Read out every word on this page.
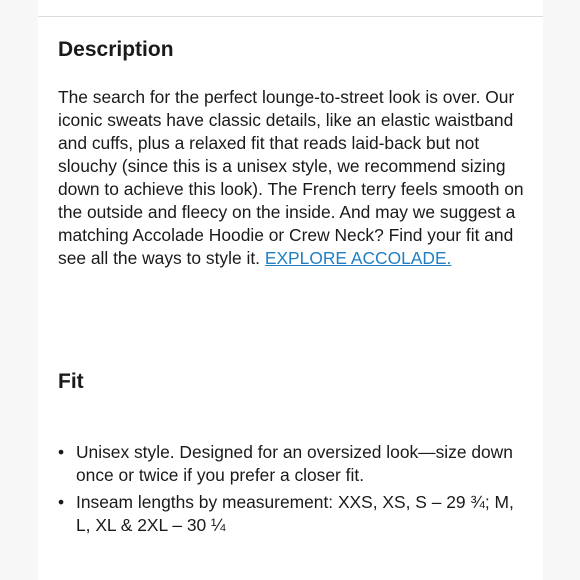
Description

The search for the perfect lounge-to-street look is over. Our iconic sweats have classic details, like an elastic waistband and cuffs, plus a relaxed fit that reads laid-back but not slouchy (since this is a unisex style, we recommend sizing down to achieve this look). The French terry feels smooth on the outside and fleecy on the inside. And may we suggest a matching Accolade Hoodie or Crew Neck? Find your fit and see all the ways to style it. EXPLORE ACCOLADE.

Fit
• Unisex style. Designed for an oversized look—size down once or twice if you prefer a closer fit.
• Inseam lengths by measurement: XXS, XS, S – 29 ¾; M, L, XL & 2XL – 30 ¼
